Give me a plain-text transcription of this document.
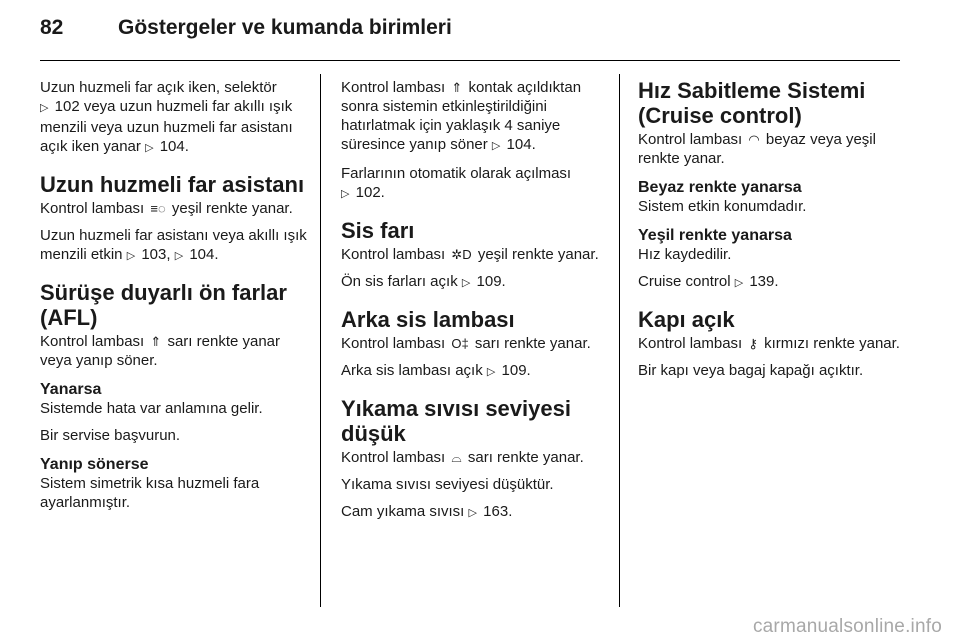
82	Göstergeler ve kumanda birimleri

Uzun huzmeli far açık iken, selektör
▷ 102 veya uzun huzmeli far akıllı ışık menzili veya uzun huzmeli far asistanı açık iken yanar ▷ 104.

Uzun huzmeli far asistanı

Kontrol lambası ≡◌ yeşil renkte yanar.

Uzun huzmeli far asistanı veya akıllı ışık menzili etkin ▷ 103, ▷ 104.

Sürüşe duyarlı ön farlar (AFL)

Kontrol lambası ⇑ sarı renkte yanar veya yanıp söner.

Yanarsa

Sistemde hata var anlamına gelir.

Bir servise başvurun.

Yanıp sönerse

Sistem simetrik kısa huzmeli fara ayarlanmıştır.

Kontrol lambası ⇑ kontak açıldıktan sonra sistemin etkinleştirildiğini hatırlatmak için yaklaşık 4 saniye süresince yanıp söner ▷ 104.

Farlarının otomatik olarak açılması
▷ 102.

Sis farı

Kontrol lambası ✲D yeşil renkte yanar.

Ön sis farları açık ▷ 109.

Arka sis lambası

Kontrol lambası O‡ sarı renkte yanar.

Arka sis lambası açık ▷ 109.

Yıkama sıvısı seviyesi düşük

Kontrol lambası ⌓ sarı renkte yanar.

Yıkama sıvısı seviyesi düşüktür.

Cam yıkama sıvısı ▷ 163.

Hız Sabitleme Sistemi (Cruise control)

Kontrol lambası ◠ beyaz veya yeşil renkte yanar.

Beyaz renkte yanarsa

Sistem etkin konumdadır.

Yeşil renkte yanarsa

Hız kaydedilir.

Cruise control ▷ 139.

Kapı açık

Kontrol lambası ⚷ kırmızı renkte yanar.

Bir kapı veya bagaj kapağı açıktır.

carmanualsonline.info
